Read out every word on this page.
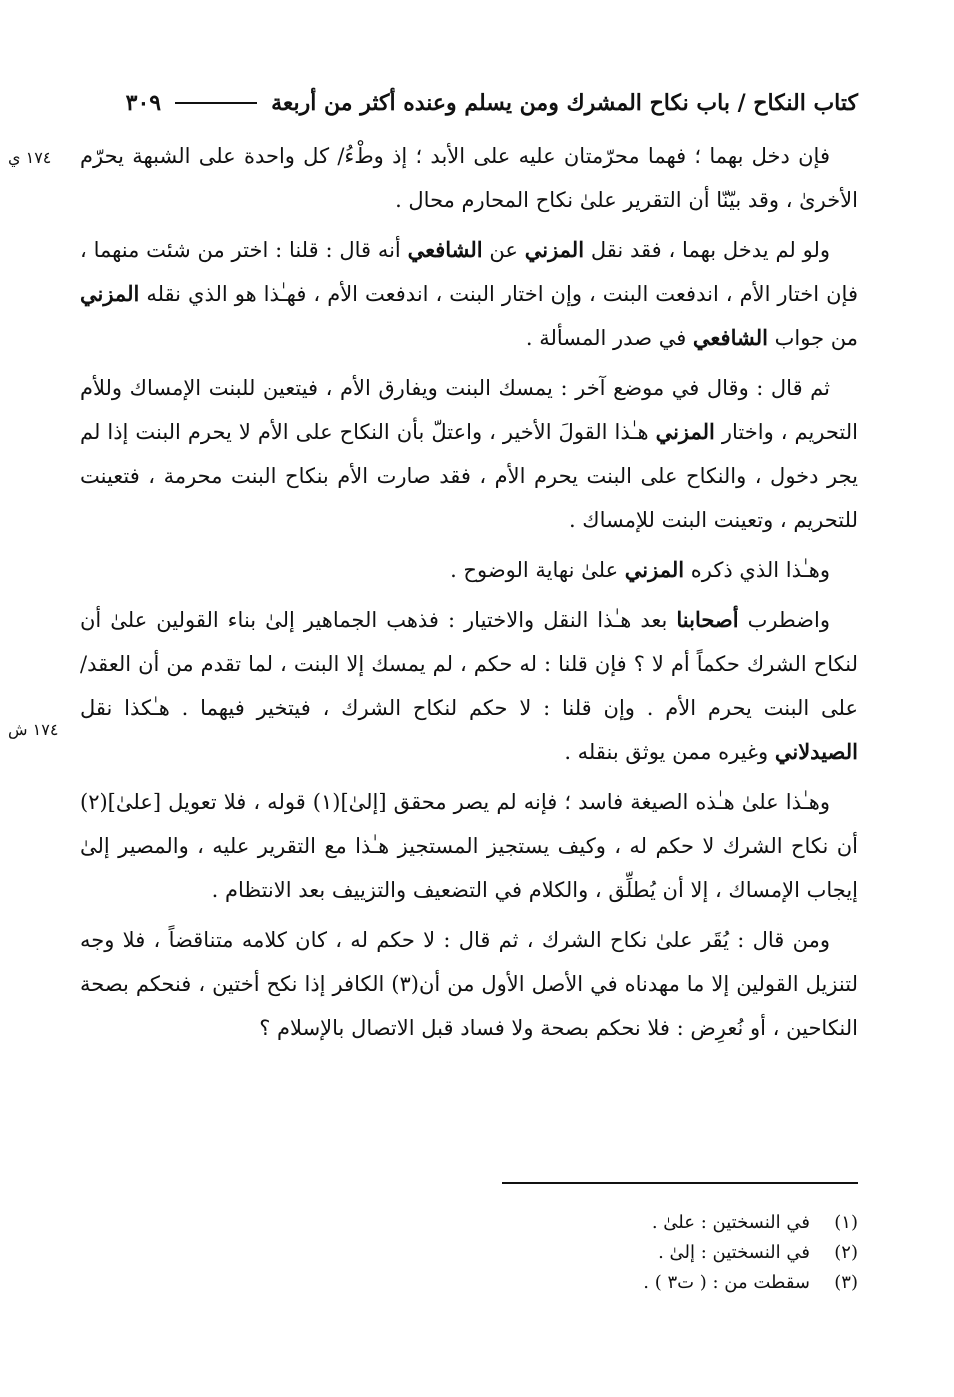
كتاب النكاح / باب نكاح المشرك ومن يسلم وعنده أكثر من أربعة
٣٠٩
١٧٤ ي
١٧٤ ش

فإن دخل بهما ؛ فهما محرّمتان عليه على الأبد ؛ إذ وطْءُ/ كل واحدة على الشبهة يحرّم الأخرىٰ ، وقد بيّنّا أن التقرير علىٰ نكاح المحارم محال .

ولو لم يدخل بهما ، فقد نقل المزني عن الشافعي أنه قال : قلنا : اختر من شئت منهما ، فإن اختار الأم ، اندفعت البنت ، وإن اختار البنت ، اندفعت الأم ، فهـٰذا هو الذي نقله المزني من جواب الشافعي في صدر المسألة .

ثم قال : وقال في موضع آخر : يمسك البنت ويفارق الأم ، فيتعين للبنت الإمساك وللأم التحريم ، واختار المزني هـٰذا القولَ الأخير ، واعتلّ بأن النكاح على الأم لا يحرم البنت إذا لم يجر دخول ، والنكاح على البنت يحرم الأم ، فقد صارت الأم بنكاح البنت محرمة ، فتعينت للتحريم ، وتعينت البنت للإمساك .

وهـٰذا الذي ذكره المزني علىٰ نهاية الوضوح .

واضطرب أصحابنا بعد هـٰذا النقل والاختيار : فذهب الجماهير إلىٰ بناء القولين علىٰ أن لنكاح الشرك حكماً أم لا ؟ فإن قلنا : له حكم ، لم يمسك إلا البنت ، لما تقدم من أن العقد/ على البنت يحرم الأم . وإن قلنا : لا حكم لنكاح الشرك ، فيتخير فيهما . هـٰكذا نقل الصيدلاني وغيره ممن يوثق بنقله .

وهـٰذا علىٰ هـٰذه الصيغة فاسد ؛ فإنه لم يصر محقق [إلىٰ](١) قوله ، فلا تعويل [علىٰ](٢) أن نكاح الشرك لا حكم له ، وكيف يستجيز المستجيز هـٰذا مع التقرير عليه ، والمصير إلىٰ إيجاب الإمساك ، إلا أن يُطلِّق ، والكلام في التضعيف والتزييف بعد الانتظام .

ومن قال : يُقَر علىٰ نكاح الشرك ، ثم قال : لا حكم له ، كان كلامه متناقضاً ، فلا وجه لتنزيل القولين إلا ما مهدناه في الأصل الأول من أن(٣) الكافر إذا نكح أختين ، فنحكم بصحة النكاحين ، أو نُعرِض : فلا نحكم بصحة ولا فساد قبل الاتصال بالإسلام ؟

(١)
في النسختين : علىٰ .
(٢)
في النسختين : إلىٰ .
(٣)
سقطت من : ( ت٣ ) .
